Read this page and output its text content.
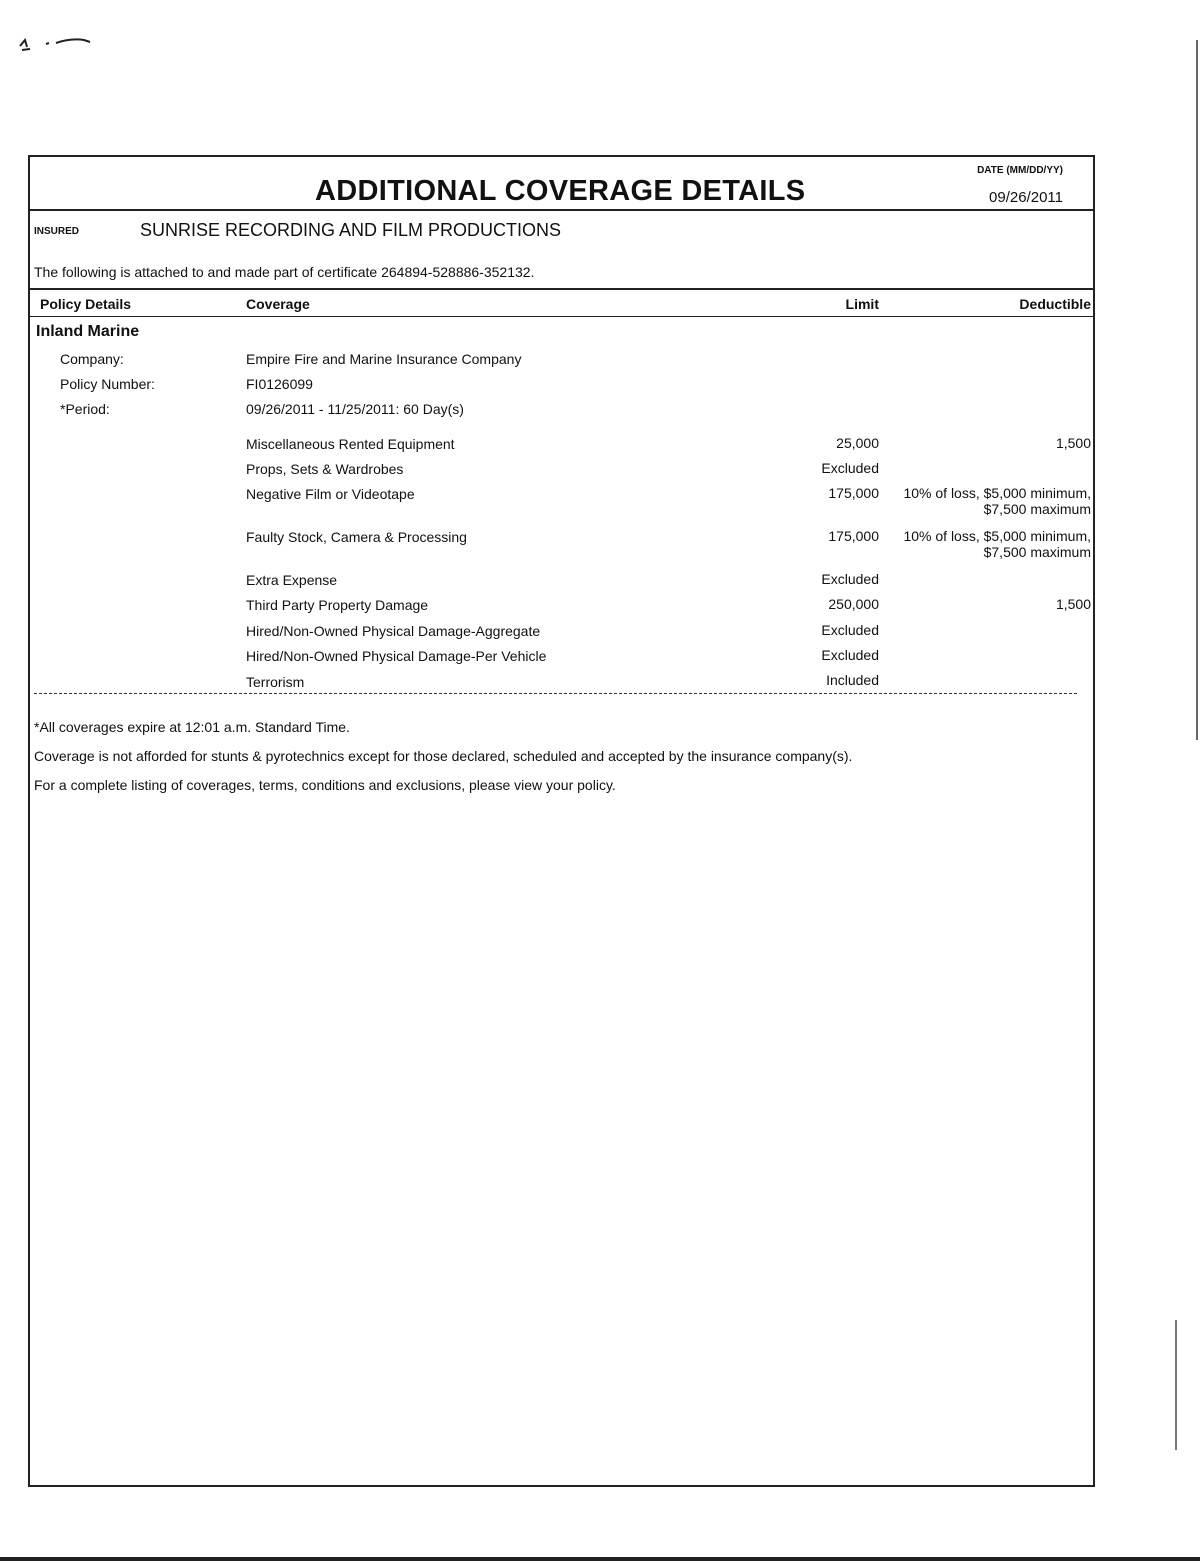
DATE (MM/DD/YY)
ADDITIONAL COVERAGE DETAILS	09/26/2011
INSURED	SUNRISE RECORDING AND FILM PRODUCTIONS
The following is attached to and made part of certificate 264894-528886-352132.
Policy Details	Coverage	Limit	Deductible
Inland Marine
Company:	Empire Fire and Marine Insurance Company
Policy Number:	FI0126099
*Period:	09/26/2011 - 11/25/2011: 60 Day(s)
Miscellaneous Rented Equipment	25,000	1,500
Props, Sets & Wardrobes	Excluded
Negative Film or Videotape	175,000	10% of loss, $5,000 minimum,
$7,500 maximum
Faulty Stock, Camera & Processing	175,000	10% of loss, $5,000 minimum,
$7,500 maximum
Extra Expense	Excluded
Third Party Property Damage	250,000	1,500
Hired/Non-Owned Physical Damage-Aggregate	Excluded
Hired/Non-Owned Physical Damage-Per Vehicle	Excluded
Terrorism	Included
*All coverages expire at 12:01 a.m. Standard Time.
Coverage is not afforded for stunts & pyrotechnics except for those declared, scheduled and accepted by the insurance company(s).
For a complete listing of coverages, terms, conditions and exclusions, please view your policy.
